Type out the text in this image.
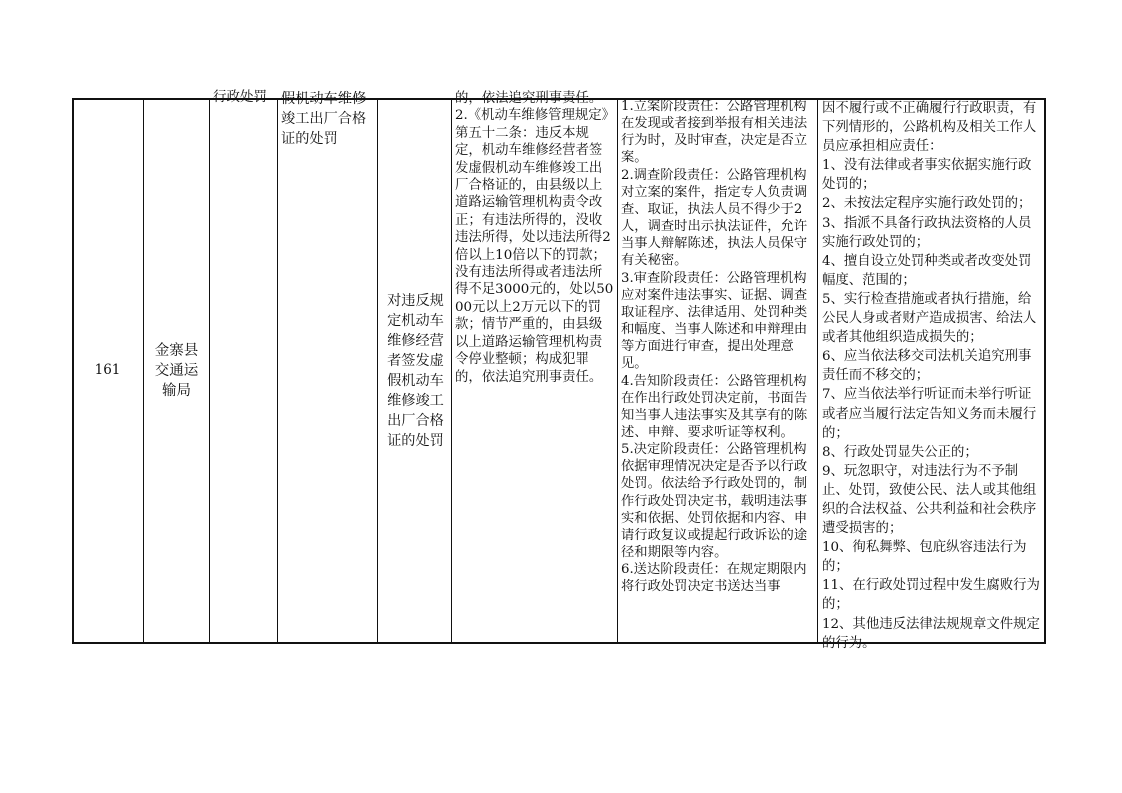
161
金寨县
交通运
输局
行政处罚 假机动车维修
竣工出厂合格
证的处罚
对违反规
定机动车
维修经营
者签发虚
假机动车
维修竣工
出厂合格
证的处罚
的，依法追究刑事责任。
2.《机动车维修管理规定》第五十二条：违反本规定，机动车维修经营者签发虚假机动车维修竣工出厂合格证的，由县级以上道路运输管理机构责令改正；有违法所得的，没收违法所得，处以违法所得2倍以上10倍以下的罚款；没有违法所得或者违法所得不足3000元的，处以5000元以上2万元以下的罚款；情节严重的，由县级以上道路运输管理机构责令停业整顿；构成犯罪的，依法追究刑事责任。
1.立案阶段责任：公路管理机构在发现或者接到举报有相关违法行为时，及时审查，决定是否立案。
2.调查阶段责任：公路管理机构对立案的案件，指定专人负责调查、取证，执法人员不得少于2人，调查时出示执法证件，允许当事人辩解陈述，执法人员保守有关秘密。
3.审查阶段责任：公路管理机构应对案件违法事实、证据、调查取证程序、法律适用、处罚种类和幅度、当事人陈述和申辩理由等方面进行审查，提出处理意见。
4.告知阶段责任：公路管理机构在作出行政处罚决定前，书面告知当事人违法事实及其享有的陈述、申辩、要求听证等权利。
5.决定阶段责任：公路管理机构依据审理情况决定是否予以行政处罚。依法给予行政处罚的，制作行政处罚决定书，载明违法事实和依据、处罚依据和内容、申请行政复议或提起行政诉讼的途径和期限等内容。
6.送达阶段责任：在规定期限内将行政处罚决定书送达当事
因不履行或不正确履行行政职责，有下列情形的，公路机构及相关工作人员应承担相应责任：
1、没有法律或者事实依据实施行政处罚的；
2、未按法定程序实施行政处罚的；
3、指派不具备行政执法资格的人员实施行政处罚的；
4、擅自设立处罚种类或者改变处罚幅度、范围的；
5、实行检查措施或者执行措施，给公民人身或者财产造成损害、给法人或者其他组织造成损失的；
6、应当依法移交司法机关追究刑事责任而不移交的；
7、应当依法举行听证而未举行听证或者应当履行法定告知义务而未履行的；
8、行政处罚显失公正的；
9、玩忽职守，对违法行为不予制止、处罚，致使公民、法人或其他组织的合法权益、公共利益和社会秩序遭受损害的；
10、徇私舞弊、包庇纵容违法行为的；
11、在行政处罚过程中发生腐败行为的；
12、其他违反法律法规规章文件规定的行为。
